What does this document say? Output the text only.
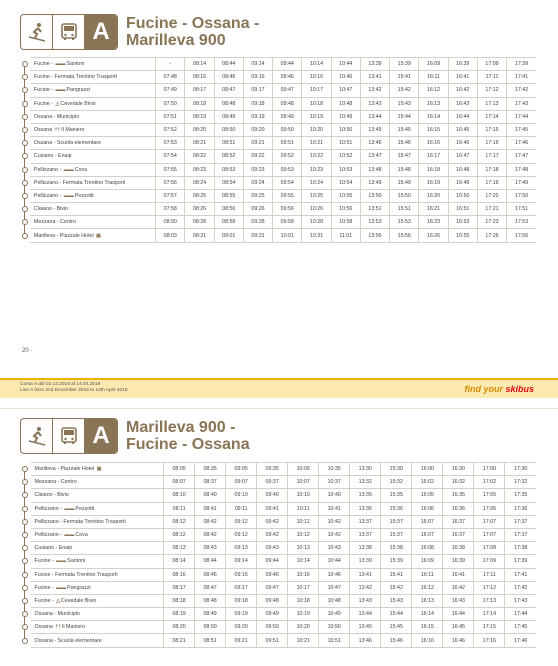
A	Fucine - Ossana -
Marilleva 900
	Fucine - ▬▬Santoni	-	08:14	08:44	09:14	09:44	10:14	10:44	13:39	15:39	16:09	16:39	17:09	17:39

	Fucine - Fermata Trentino Trasporti	07:48	08:16	08:46	09:16	09:46	10:16	10:46	13:41	15:41	16:11	16:41	17:11	17:41

	Fucine - ▬▬Pangrazzi	07:49	08:17	08:47	09:17	09:47	10:17	10:47	13:42	15:42	16:12	16:42	17:12	17:42

	Fucine - △Cevedale Bivio	07:50	08:18	08:48	09:18	09:48	10:18	10:48	13:43	15:43	16:13	16:43	17:13	17:43

	Ossana - Municipio	07:51	08:19	08:49	09:19	09:49	10:19	10:49	13:44	15:44	16:14	16:44	17:14	17:44

	Ossana ††Il Maniero	07:52	08:20	08:50	09:20	09:50	10:20	10:50	13:45	15:45	16:15	16:45	17:15	17:45

	Ossana - Scuola elementare	07:53	08:21	08:51	09:21	09:51	10:21	10:51	13:46	15:46	16:16	16:46	17:16	17:46

	Cusiano - Enaip	07:54	08:22	08:52	09:22	09:52	10:22	10:52	13:47	15:47	16:17	16:47	17:17	17:47

	Pellizzano - ▬▬Cova	07:55	08:23	08:53	09:23	09:53	10:23	10:53	13:48	15:48	16:18	16:48	17:18	17:48

	Pellizzano - Fermata Trentino Trasporti	07:56	08:24	08:54	09:24	09:54	10:24	10:54	13:49	15:49	16:19	16:49	17:19	17:49

	Pellizzano - ▬▬Pezzotti	07:57	08:25	08:55	09:25	09:55	10:25	10:55	13:50	15:50	16:20	16:50	17:20	17:50

	Claiano - Bivio	07:58	08:26	08:56	09:26	09:56	10:26	10:56	13:51	15:51	16:21	16:51	17:21	17:51

	Mezzana - Centro	08:00	08:28	08:58	09:28	09:58	10:28	10:58	13:53	15:53	16:23	16:53	17:23	17:53

	Marilleva - Piazzale Hotel ▣	08:03	08:31	09:01	09:31	10:01	10:31	11:01	13:56	15:56	16:26	16:55	17:26	17:56
20 ·
Corsa A dal 02.12.2018 al 14.04.2019
Line A form 2nd December 2018 to 14th April 2019	find your skibus
A	Marilleva 900 -
Fucine - Ossana
	Marilleva - Piazzale Hotel ▣	08:05	08:35	09:05	09:35	10:05	10:35	13:30	15:30	16:00	16:30	17:00	17:30

	Mezzana - Centro	08:07	08:37	09:07	09:37	10:07	10:37	13:32	15:32	16:02	16:32	17:02	17:32

	Claiano - Bivio	08:10	08:40	09:10	09:40	10:10	10:40	13:35	15:35	16:05	16:35	17:05	17:35

	Pellizzano - ▬▬Pezzotti	08:11	08:41	09:11	09:41	10:11	10:41	13:36	15:36	16:06	16:36	17:06	17:36

	Pellizzano - Fermata Trentino Trasporti	08:12	08:42	09:12	09:42	10:12	10:42	13:37	15:37	16:07	16:37	17:07	17:37

	Pellizzano - ▬▬Cova	08:12	08:42	09:12	09:42	10:12	10:42	13:37	15:37	16:07	16:37	17:07	17:37

	Cusiano - Enaip	08:13	08:43	09:13	09:43	10:13	10:43	13:38	15:38	16:08	16:38	17:08	17:38

	Fucine - ▬▬Santoni	08:14	08:44	09:14	09:44	10:14	10:44	13:39	15:39	16:09	16:39	17:09	17:39

	Fucine - Fermata Trentino Trasporti	08:16	08:46	09:16	09:46	10:16	10:46	13:41	15:41	16:11	16:41	17:11	17:41

	Fucine - ▬▬Pangrazzi	08:17	08:47	09:17	09:47	10:17	10:47	13:42	15:42	16:12	16:42	17:12	17:42

	Fucine - △Cevedale Bivio	08:18	08:48	09:18	09:48	10:18	10:48	13:43	15:43	16:13	16:43	17:13	17:43

	Ossana - Municipio	08:19	08:49	09:19	09:49	10:19	10:49	13:44	15:44	16:14	16:44	17:14	17:44

	Ossana ††Il Maniero	08:20	08:50	09:20	09:50	10:20	10:50	13:45	15:45	16:15	16:45	17:15	17:45

	Ossana - Scuola elementare	08:21	08:51	09:21	09:51	10:21	10:51	13:46	15:46	16:16	16:46	17:16	17:46
